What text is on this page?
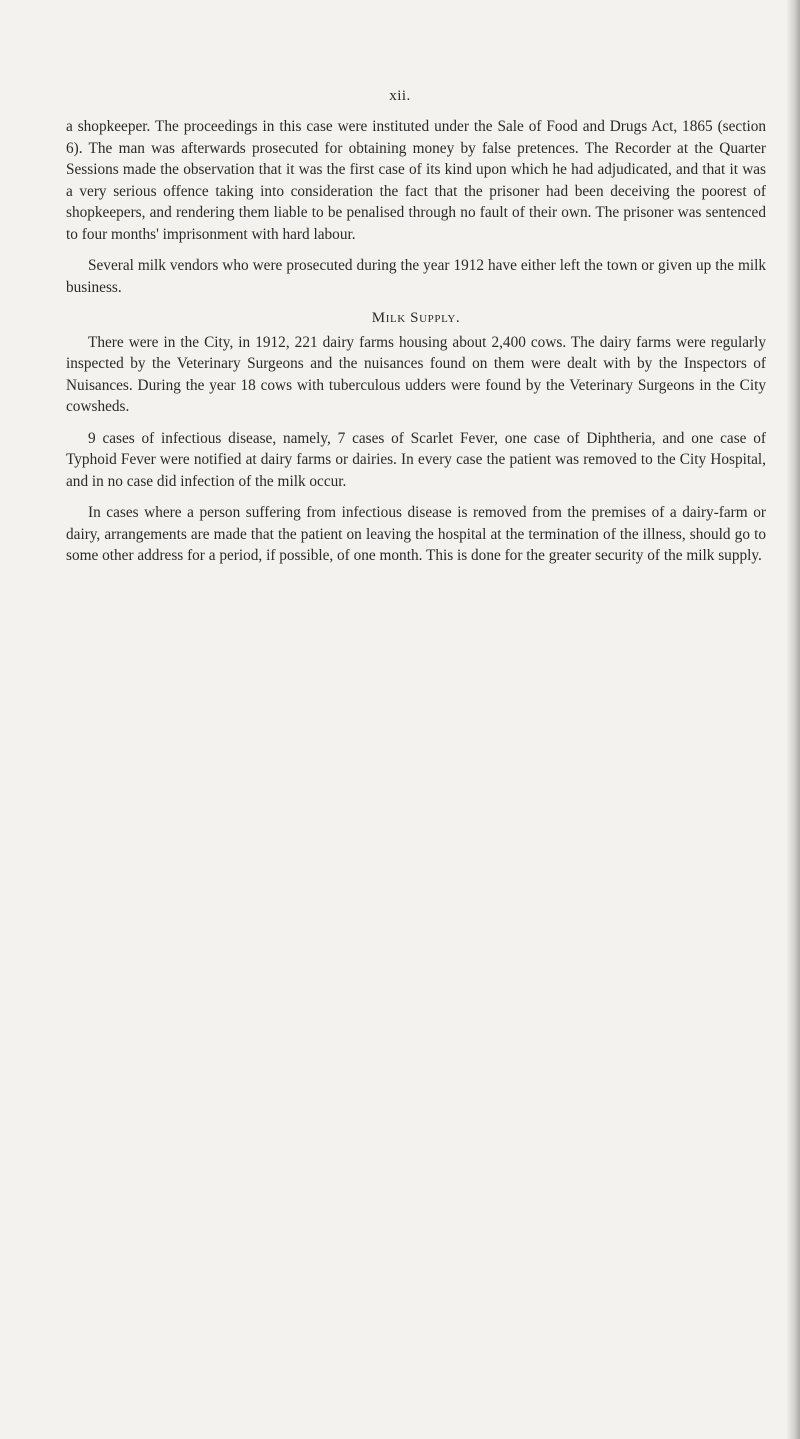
xii.

a shopkeeper. The proceedings in this case were instituted under the Sale of Food and Drugs Act, 1865 (section 6). The man was afterwards prosecuted for obtaining money by false pretences. The Recorder at the Quarter Sessions made the observation that it was the first case of its kind upon which he had adjudicated, and that it was a very serious offence taking into consideration the fact that the prisoner had been deceiving the poorest of shopkeepers, and rendering them liable to be penalised through no fault of their own. The prisoner was sentenced to four months' imprisonment with hard labour.

Several milk vendors who were prosecuted during the year 1912 have either left the town or given up the milk business.

Milk Supply.

There were in the City, in 1912, 221 dairy farms housing about 2,400 cows. The dairy farms were regularly inspected by the Veterinary Surgeons and the nuisances found on them were dealt with by the Inspectors of Nuisances. During the year 18 cows with tuberculous udders were found by the Veterinary Surgeons in the City cowsheds.

9 cases of infectious disease, namely, 7 cases of Scarlet Fever, one case of Diphtheria, and one case of Typhoid Fever were notified at dairy farms or dairies. In every case the patient was removed to the City Hospital, and in no case did infection of the milk occur.

In cases where a person suffering from infectious disease is removed from the premises of a dairy-farm or dairy, arrangements are made that the patient on leaving the hospital at the termination of the illness, should go to some other address for a period, if possible, of one month. This is done for the greater security of the milk supply.
